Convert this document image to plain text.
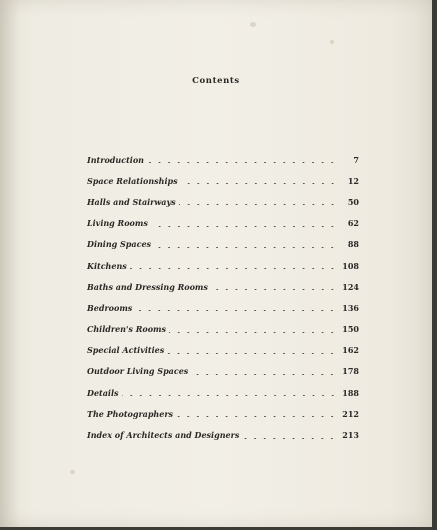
Contents
Introduction	7
Space Relationships	12
Halls and Stairways	50
Living Rooms	62
Dining Spaces	88
Kitchens	108
Baths and Dressing Rooms	124
Bedrooms	136
Children's Rooms	150
Special Activities	162
Outdoor Living Spaces	178
Details	188
The Photographers	212
Index of Architects and Designers	213
